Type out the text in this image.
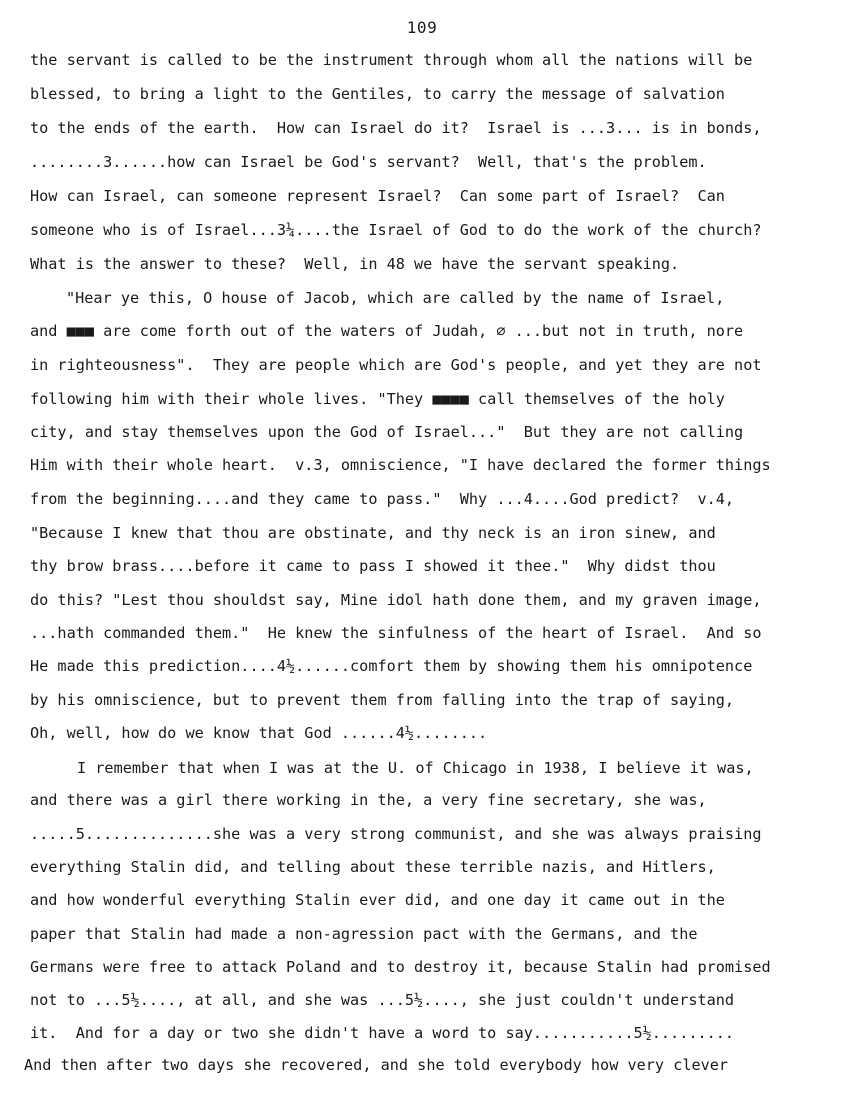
109
the servant is called to be the instrument through whom all the nations will be
blessed, to bring a light to the Gentiles, to carry the message of salvation
to the ends of the earth.  How can Israel do it?  Israel is ...3... is in bonds,
........3......how can Israel be God's servant?  Well, that's the problem.
How can Israel, can someone represent Israel?  Can some part of Israel?  Can
someone who is of Israel...3¼....the Israel of God to do the work of the church?
What is the answer to these?  Well, in 48 we have the servant speaking.
"Hear ye this, O house of Jacob, which are called by the name of Israel,
and ■■■ are come forth out of the waters of Judah, ∅ ...but not in truth, nore
in righteousness".  They are people which are God's people, and yet they are not
following him with their whole lives. "They ■■■■ call themselves of the holy
city, and stay themselves upon the God of Israel..."  But they are not calling
Him with their whole heart.  v.3, omniscience, "I have declared the former things
from the beginning....and they came to pass."  Why ...4....God predict?  v.4,
"Because I knew that thou are obstinate, and thy neck is an iron sinew, and
thy brow brass....before it came to pass I showed it thee."  Why didst thou
do this? "Lest thou shouldst say, Mine idol hath done them, and my graven image,
...hath commanded them."  He knew the sinfulness of the heart of Israel.  And so
He made this prediction....4½......comfort them by showing them his omnipotence
by his omniscience, but to prevent them from falling into the trap of saying,
Oh, well, how do we know that God ......4½........
I remember that when I was at the U. of Chicago in 1938, I believe it was,
and there was a girl there working in the, a very fine secretary, she was,
.....5..............she was a very strong communist, and she was always praising
everything Stalin did, and telling about these terrible nazis, and Hitlers,
and how wonderful everything Stalin ever did, and one day it came out in the
paper that Stalin had made a non-agression pact with the Germans, and the
Germans were free to attack Poland and to destroy it, because Stalin had promised
not to ...5½...., at all, and she was ...5½...., she just couldn't understand
it.  And for a day or two she didn't have a word to say...........5½.........
And then after two days she recovered, and she told everybody how very clever
